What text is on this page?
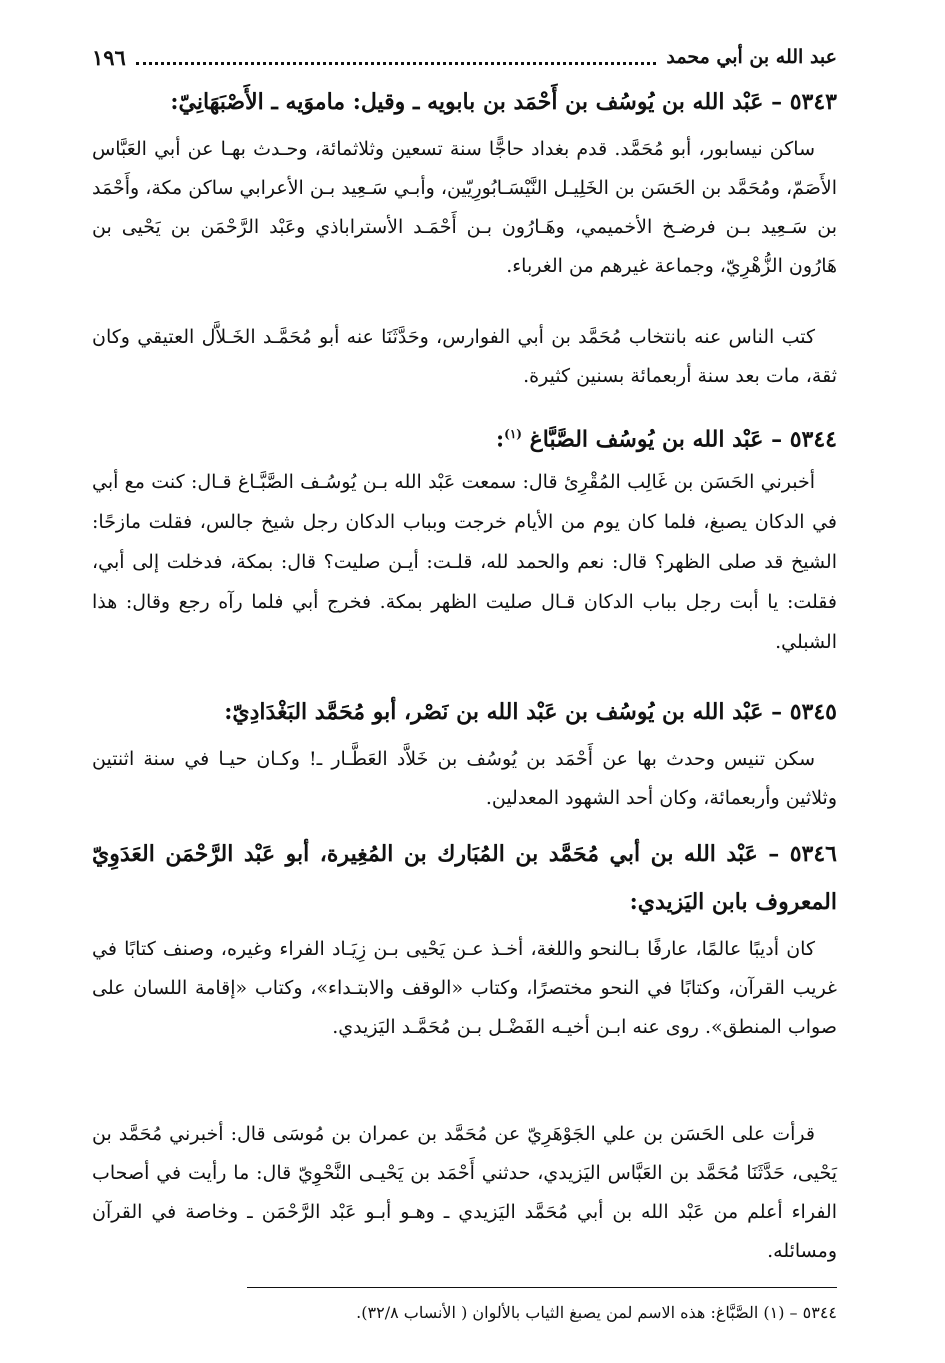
عبد الله بن أبي محمد
١٩٦
٥٣٤٣ – عَبْد الله بن يُوسُف بن أَحْمَد بن بابويه ـ وقيل: ماموَيه ـ الأَصْبَهَانِيّ:
ساكن نيسابور، أبو مُحَمَّد. قدم بغداد حاجًّا سنة تسعين وثلاثمائة، وحـدث بهـا عن أبي العَبَّاس الأَصَمّ، ومُحَمَّد بن الحَسَن بن الخَلِيـل النَّيْسَـابُورِيّين، وأبـي سَـعِيد بـن الأعرابي ساكن مكة، وأَحْمَد بن سَـعِيد بـن فرضـخ الأخميمي، وهَـارُون بـن أَحْمَـد الأستراباذي وعَبْد الرَّحْمَن بن يَحْيى بن هَارُون الزُّهْرِيّ، وجماعة غيرهم من الغرباء.
كتب الناس عنه بانتخاب مُحَمَّد بن أبي الفوارس، وحَدَّثَنَا عنه أبو مُحَمَّـد الخَـلاَّل العتيقي وكان ثقة، مات بعد سنة أربعمائة بسنين كثيرة.
٥٣٤٤ – عَبْد الله بن يُوسُف الصَّبَّاغ $^{(١)}$:
أخبرني الحَسَن بن غَالِب المُقْرِئ قال: سمعت عَبْد الله بـن يُوسُـف الصَّبَّـاغ قـال: كنت مع أبي في الدكان يصبغ، فلما كان يوم من الأيام خرجت وبباب الدكان رجل شيخ جالس، فقلت مازحًا: الشيخ قد صلى الظهر؟ قال: نعم والحمد لله، قلـت: أيـن صليت؟ قال: بمكة، فدخلت إلى أبي، فقلت: يا أبت رجل بباب الدكان قـال صليت الظهر بمكة. فخرج أبي فلما رآه رجع وقال: هذا الشبلي.
٥٣٤٥ – عَبْد الله بن يُوسُف بن عَبْد الله بن نَصْر، أبو مُحَمَّد البَغْدَادِيّ:
سكن تنيس وحدث بها عن أَحْمَد بن يُوسُف بن خَلاَّد العَطَّـار ـ! وكـان حيـا في سنة اثنتين وثلاثين وأربعمائة، وكان أحد الشهود المعدلين.
٥٣٤٦ – عَبْد الله بن أبي مُحَمَّد بن المُبَارك بن المُغِيرة، أبو عَبْد الرَّحْمَن العَدَوِيّ المعروف بابن اليَزيدي:
كان أديبًا عالمًا، عارفًا بـالنحو واللغة، أخـذ عـن يَحْيى بـن زِيَـاد الفراء وغيره، وصنف كتابًا في غريب القرآن، وكتابًا في النحو مختصرًا، وكتاب «الوقف والابتـداء»، وكتاب «إقامة اللسان على صواب المنطق». روى عنه ابـن أخيـه الفَضْـل بـن مُحَمَّـد اليَزيدي.
قرأت على الحَسَن بن علي الجَوْهَرِيّ عن مُحَمَّد بن عمران بن مُوسَى قال: أخبرني مُحَمَّد بن يَحْيى، حَدَّثَنَا مُحَمَّد بن العَبَّاس اليَزيدي، حدثني أَحْمَد بن يَحْيـى النَّحْوِيّ قال: ما رأيت في أصحاب الفراء أعلم من عَبْد الله بن أبي مُحَمَّد اليَزيدي ـ وهـو أبـو عَبْد الرَّحْمَن ـ وخاصة في القرآن ومسائله.
٥٣٤٤ – (١) الصَّبَّاغ: هذه الاسم لمن يصبغ الثياب بالألوان ( الأنساب ٣٢/٨).
